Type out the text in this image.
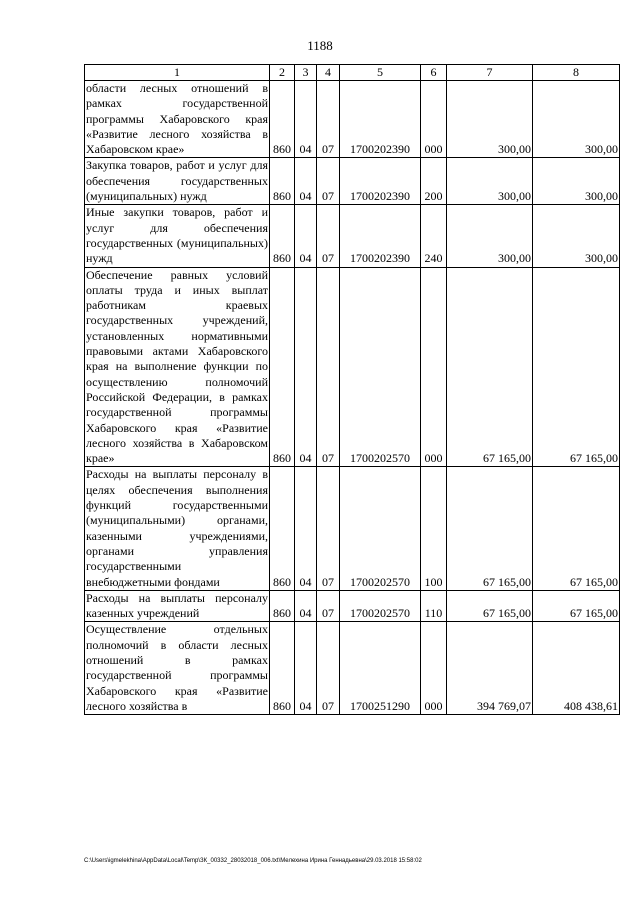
1188
1	2	3	4	5	6	7	8
области лесных отношений в рамках государственной программы Хабаровского края «Развитие лесного хозяйства в Хабаровском крае»	860	04	07	1700202390	000	300,00	300,00
Закупка товаров, работ и услуг для обеспечения государственных (муниципальных) нужд	860	04	07	1700202390	200	300,00	300,00
Иные закупки товаров, работ и услуг для обеспечения государственных (муниципальных) нужд	860	04	07	1700202390	240	300,00	300,00
Обеспечение равных условий оплаты труда и иных выплат работникам краевых государственных учреждений, установленных нормативными правовыми актами Хабаровского края на выполнение функции по осуществлению полномочий Российской Федерации, в рамках государственной программы Хабаровского края «Развитие лесного хозяйства в Хабаровском крае»	860	04	07	1700202570	000	67 165,00	67 165,00
Расходы на выплаты персоналу в целях обеспечения выполнения функций государственными (муниципальными) органами, казенными учреждениями, органами управления государственными внебюджетными фондами	860	04	07	1700202570	100	67 165,00	67 165,00
Расходы на выплаты персоналу казенных учреждений	860	04	07	1700202570	110	67 165,00	67 165,00
Осуществление отдельных полномочий в области лесных отношений в рамках государственной программы Хабаровского края «Развитие лесного хозяйства в	860	04	07	1700251290	000	394 769,07	408 438,61
C:\Users\igmelekhina\AppData\Local\Temp\ЗК_00332_28032018_006.txt\Мелехина Ирина Геннадьевна\29.03.2018 15:58:02
